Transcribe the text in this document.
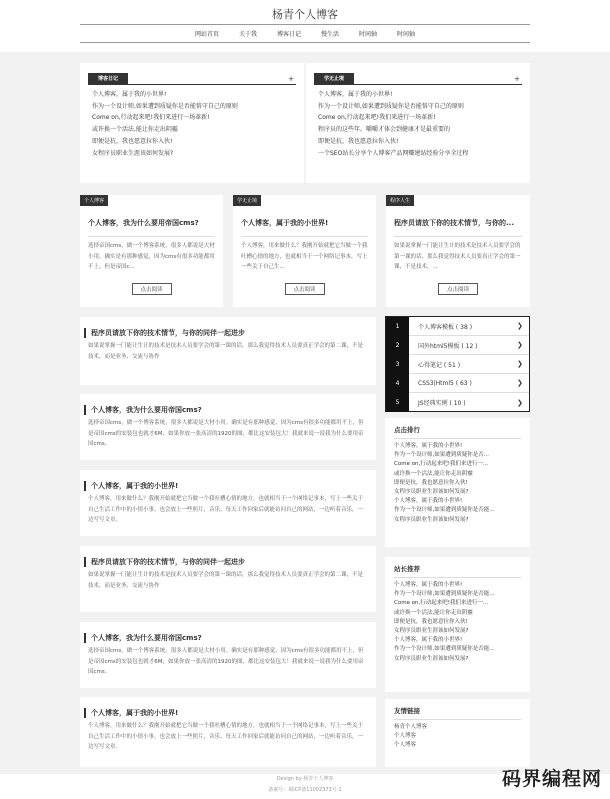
杨青个人博客
网站首页	关于我	博客日记	慢生活	时间轴	时间轴
博客日记	+
个人博客，属于我的小世界!
作为一个设计师,如果遭到质疑你是否能恪守自己的原则
Come on,行动起来吧!我们来进行一场革新!
或许换一个活法,能让你走出阴霾
即便是抗，我也愿意拉你入伙!
女程序员职业生涯该如何发展?
学无止境	+
个人博客，属于我的小世界!
作为一个设计师,如果遭到质疑你是否能恪守自己的原则
Come on,行动起来吧!我们来进行一场革新!
程序员的这些年，嚼嚼才体会到健康才是最重要的
即便是抗，我也愿意拉你入伙!
一个SEO站长分享个人博客产品网赚建站经验分享全过程
个人博客
个人博客，我为什么要用帝国cms?
选择帝国cms，做一个博客系统，很多人都说是大材小用。确实是有那种感觉，因为cms有很多功能都用不上。但是帝国c...
点击阅读
学无止境
个人博客，属于我的小世界!
个人博客，用来做什么？我刚开始就把它当做一个我吐槽心情的地方，也就相当于一个网络记事本，写上一些关于自己生...
点击阅读
程序人生
程序员请放下你的技术情节，与你的...
如果说掌握一门能让生计的技术是技术人员要学会的第一课的话，那么我觉得技术人员要真正学会的第一课，不是技术，...
点击阅读
程序员请放下你的技术情节，与你的同伴一起进步
如果说掌握一门能让生计的技术是技术人员要学会的第一课的话，那么我觉得技术人员要真正学会的第二课，不是技术，而是业务、交流与协作
个人博客，我为什么要用帝国cms?
选择帝国cms，做一个博客系统，很多人都说是大材小用。确实是有那种感觉，因为cms有很多功能都用不上，但是帝国cms的安装包也就才6M，如果你放一张高清的1920的图，都比这安装包大！我就来说一说我为什么要用帝国cms。
个人博客，属于我的小世界!
个人博客，用来做什么？我刚开始就把它当做一个我吐槽心情的地方，也就相当于一个网络记事本，写上一些关于自己生活工作中的小情小事，也会放上一些照片，音乐。每天工作回家后就能访问自己的网站，一边听着音乐，一边写写文章。
程序员请放下你的技术情节，与你的同伴一起进步
如果说掌握一门能让生计的技术是技术人员要学会的第一课的话，那么我觉得技术人员要真正学会的第二课，不是技术，而是业务、交流与协作
个人博客，我为什么要用帝国cms?
选择帝国cms，做一个博客系统，很多人都说是大材小用。确实是有那种感觉，因为cms有很多功能都用不上，但是帝国cms的安装包也就才6M，如果你放一张高清的1920的图，都比这安装包大！我就来说一说我为什么要用帝国cms。
个人博客，属于我的小世界!
个人博客，用来做什么？我刚开始就把它当做一个我吐槽心情的地方，也就相当于一个网络记事本，写上一些关于自己生活工作中的小情小事，也会放上一些照片，音乐。每天工作回家后就能访问自己的网站，一边听着音乐，一边写写文章。
1	个人博客模板 ( 38 )	❯
2	国外html5模板 ( 12 )	❯
3	心得笔记 ( 51 )	❯
4	CSS3|Html5 ( 63 )	❯
5	JS经典实例 ( 10 )	❯
点击排行
个人博客，属于我的小世界!
作为一个设计师,如果遭到质疑你是否...
Come on,行动起来吧!我们来进行一...
或许换一个活法,能让你走出阴霾
即便是抗，我也愿意拉你入伙!
女程序员职业生涯该如何发展?
个人博客，属于我的小世界!
作为一个设计师,如果遭到质疑你是否能...
女程序员职业生涯该如何发展?
站长推荐
个人博客，属于我的小世界!
作为一个设计师,如果遭到质疑你是否能...
Come on,行动起来吧!我们来进行一...
或许换一个活法,能让你走出阴霾
即便是抗，我也愿意拉你入伙!
女程序员职业生涯该如何发展?
个人博客，属于我的小世界!
作为一个设计师,如果遭到质疑你是否能...
女程序员职业生涯该如何发展?
友情链接
杨青个人博客
个人博客
个人博客
Design by 杨青个人博客
备案号：蜀ICP备11002373号-1	码界编程网
